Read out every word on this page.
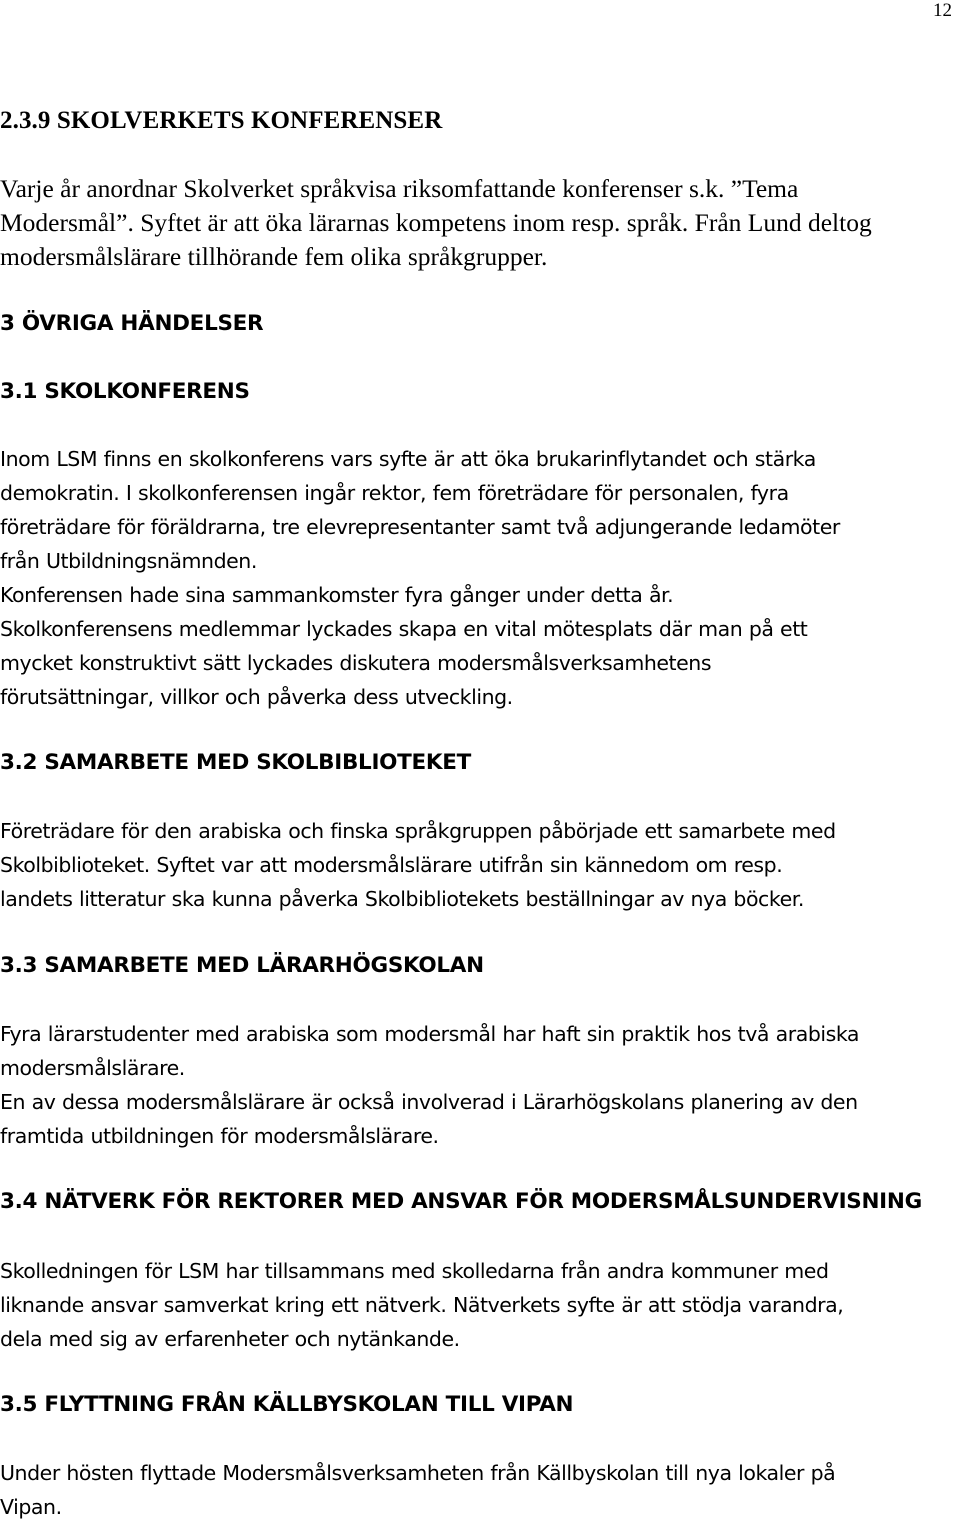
12
2.3.9 SKOLVERKETS KONFERENSER

Varje år anordnar Skolverket språkvisa riksomfattande konferenser s.k. ”Tema
Modersmål”. Syftet är att öka lärarnas kompetens inom resp. språk. Från Lund deltog
modersmålslärare tillhörande fem olika språkgrupper.

3 ÖVRIGA HÄNDELSER
3.1 SKOLKONFERENS

Inom LSM finns en skolkonferens vars syfte är att öka brukarinflytandet och stärka
demokratin. I skolkonferensen ingår rektor, fem företrädare för personalen, fyra
företrädare för föräldrarna, tre elevrepresentanter samt två adjungerande ledamöter
från Utbildningsnämnden.
Konferensen hade sina sammankomster fyra gånger under detta år.
Skolkonferensens medlemmar lyckades skapa en vital mötesplats där man på ett
mycket konstruktivt sätt lyckades diskutera modersmålsverksamhetens
förutsättningar, villkor och påverka dess utveckling.

3.2 SAMARBETE MED SKOLBIBLIOTEKET

Företrädare för den arabiska och finska språkgruppen påbörjade ett samarbete med
Skolbiblioteket. Syftet var att modersmålslärare utifrån sin kännedom om resp.
landets litteratur ska kunna påverka Skolbibliotekets beställningar av nya böcker.

3.3 SAMARBETE MED LÄRARHÖGSKOLAN

Fyra lärarstudenter med arabiska som modersmål har haft sin praktik hos två arabiska
modersmålslärare.
En av dessa modersmålslärare är också involverad i Lärarhögskolans planering av den
framtida utbildningen för modersmålslärare.

3.4 NÄTVERK FÖR REKTORER MED ANSVAR FÖR MODERSMÅLSUNDERVISNING

Skolledningen för LSM har tillsammans med skolledarna från andra kommuner med
liknande ansvar samverkat kring ett nätverk. Nätverkets syfte är att stödja varandra,
dela med sig av erfarenheter och nytänkande.

3.5 FLYTTNING FRÅN KÄLLBYSKOLAN TILL VIPAN

Under hösten flyttade Modersmålsverksamheten från Källbyskolan till nya lokaler på
Vipan.
